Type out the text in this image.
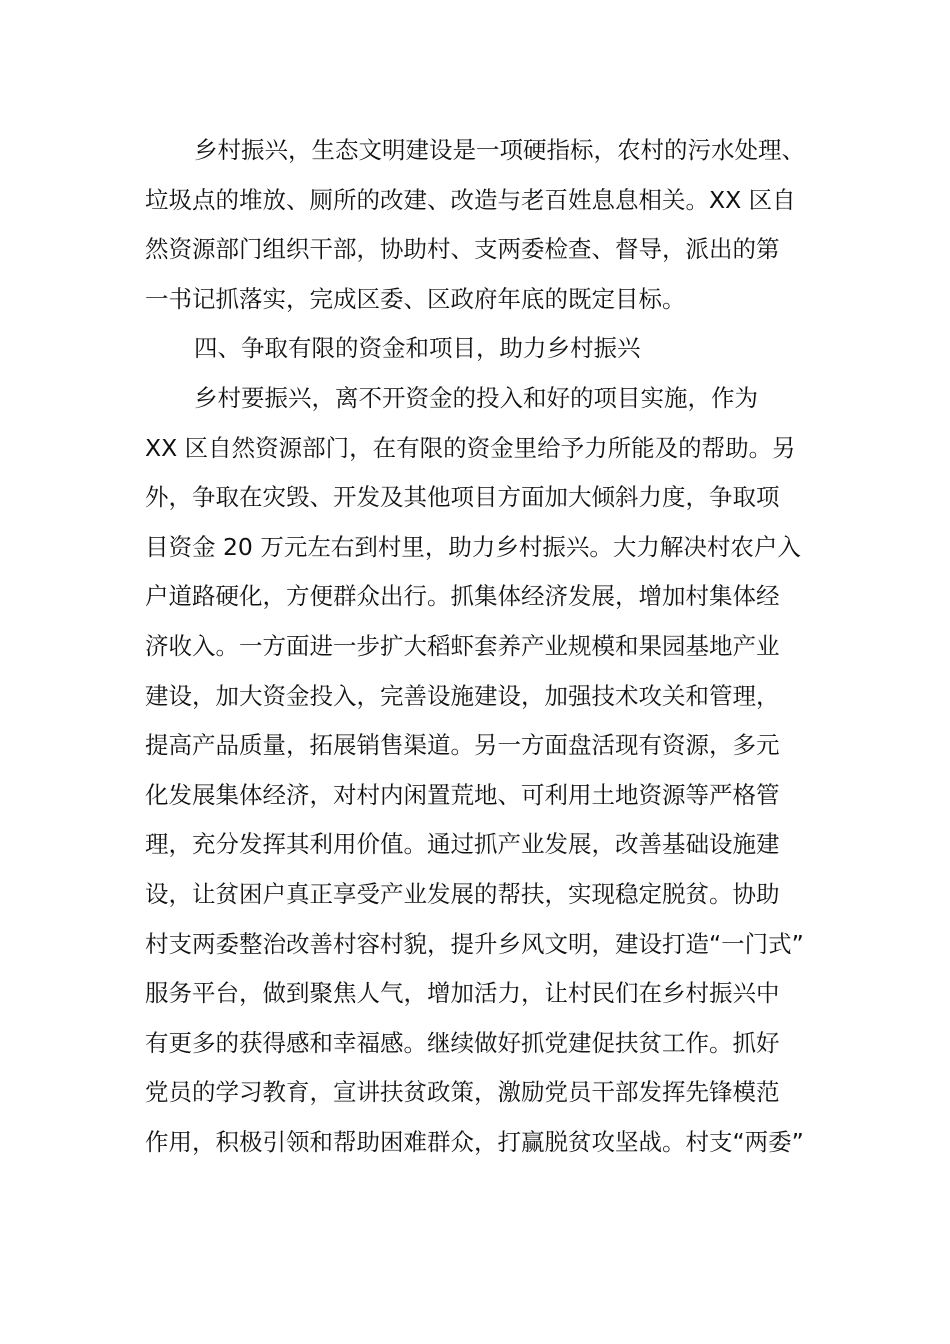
乡村振兴，生态文明建设是一项硬指标，农村的污水处理、
垃圾点的堆放、厕所的改建、改造与老百姓息息相关。XX 区自
然资源部门组织干部，协助村、支两委检查、督导，派出的第
一书记抓落实，完成区委、区政府年底的既定目标。
四、争取有限的资金和项目，助力乡村振兴
乡村要振兴，离不开资金的投入和好的项目实施，作为
XX 区自然资源部门，在有限的资金里给予力所能及的帮助。另
外，争取在灾毁、开发及其他项目方面加大倾斜力度，争取项
目资金 20 万元左右到村里，助力乡村振兴。大力解决村农户入
户道路硬化，方便群众出行。抓集体经济发展，增加村集体经
济收入。一方面进一步扩大稻虾套养产业规模和果园基地产业
建设，加大资金投入，完善设施建设，加强技术攻关和管理，
提高产品质量，拓展销售渠道。另一方面盘活现有资源，多元
化发展集体经济，对村内闲置荒地、可利用土地资源等严格管
理，充分发挥其利用价值。通过抓产业发展，改善基础设施建
设，让贫困户真正享受产业发展的帮扶，实现稳定脱贫。协助
村支两委整治改善村容村貌，提升乡风文明，建设打造“一门式”
服务平台，做到聚焦人气，增加活力，让村民们在乡村振兴中
有更多的获得感和幸福感。继续做好抓党建促扶贫工作。抓好
党员的学习教育，宣讲扶贫政策，激励党员干部发挥先锋模范
作用，积极引领和帮助困难群众，打赢脱贫攻坚战。村支“两委”
